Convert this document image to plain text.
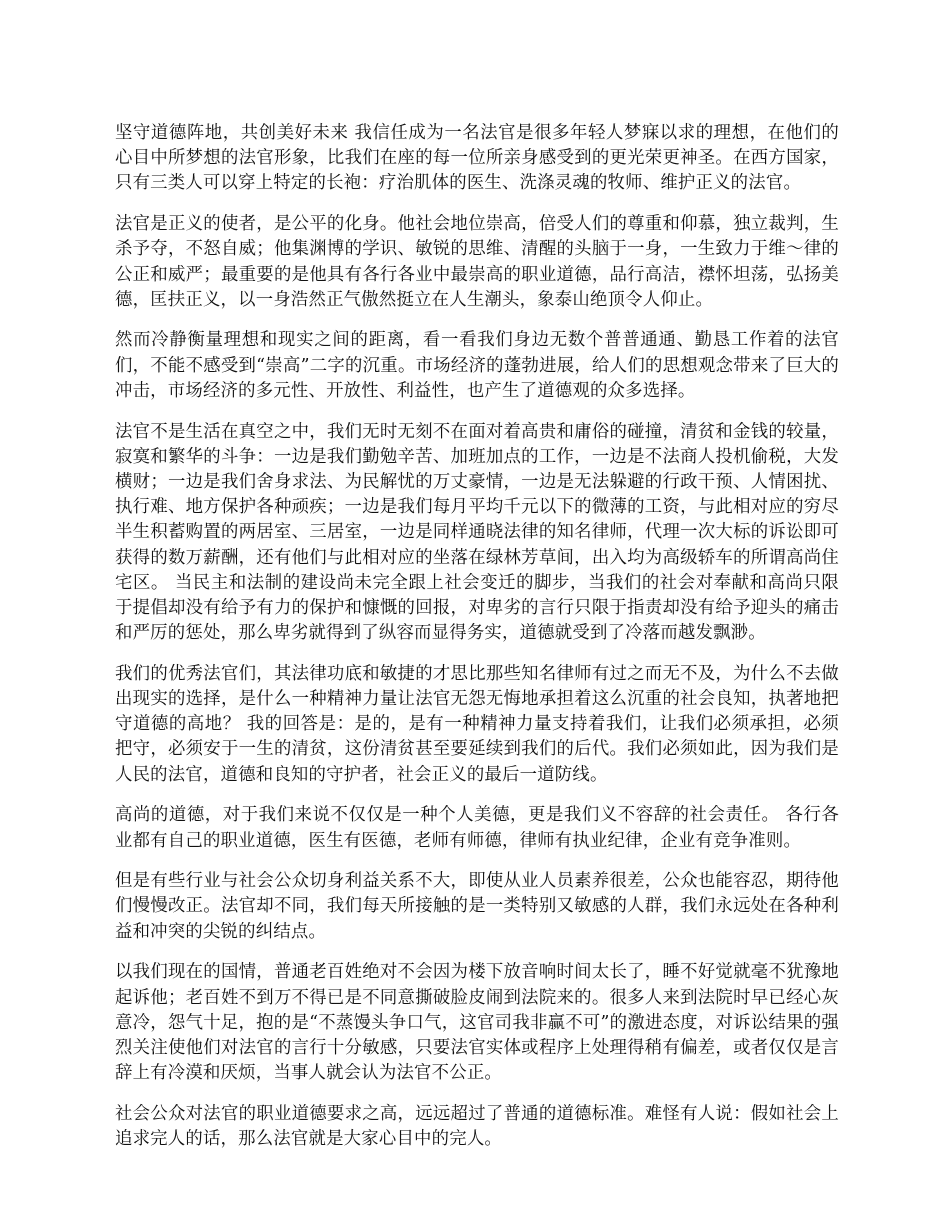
坚守道德阵地，共创美好未来 我信任成为一名法官是很多年轻人梦寐以求的理想，在他们的心目中所梦想的法官形象，比我们在座的每一位所亲身感受到的更光荣更神圣。在西方国家，只有三类人可以穿上特定的长袍：疗治肌体的医生、洗涤灵魂的牧师、维护正义的法官。

法官是正义的使者，是公平的化身。他社会地位崇高，倍受人们的尊重和仰慕，独立裁判，生杀予夺，不怒自威；他集渊博的学识、敏锐的思维、清醒的头脑于一身，一生致力于维～律的公正和威严；最重要的是他具有各行各业中最崇高的职业道德，品行高洁，襟怀坦荡，弘扬美德，匡扶正义，以一身浩然正气傲然挺立在人生潮头，象泰山绝顶令人仰止。

然而冷静衡量理想和现实之间的距离，看一看我们身边无数个普普通通、勤恳工作着的法官们，不能不感受到“崇高”二字的沉重。市场经济的蓬勃进展，给人们的思想观念带来了巨大的冲击，市场经济的多元性、开放性、利益性，也产生了道德观的众多选择。

法官不是生活在真空之中，我们无时无刻不在面对着高贵和庸俗的碰撞，清贫和金钱的较量，寂寞和繁华的斗争：一边是我们勤勉辛苦、加班加点的工作，一边是不法商人投机偷税，大发横财；一边是我们舍身求法、为民解忧的万丈豪情，一边是无法躲避的行政干预、人情困扰、执行难、地方保护各种顽疾；一边是我们每月平均千元以下的微薄的工资，与此相对应的穷尽半生积蓄购置的两居室、三居室，一边是同样通晓法律的知名律师，代理一次大标的诉讼即可获得的数万薪酬，还有他们与此相对应的坐落在绿林芳草间，出入均为高级轿车的所谓高尚住宅区。 当民主和法制的建设尚未完全跟上社会变迁的脚步，当我们的社会对奉献和高尚只限于提倡却没有给予有力的保护和慷慨的回报，对卑劣的言行只限于指责却没有给予迎头的痛击和严厉的惩处，那么卑劣就得到了纵容而显得务实，道德就受到了冷落而越发飘渺。

我们的优秀法官们，其法律功底和敏捷的才思比那些知名律师有过之而无不及，为什么不去做出现实的选择，是什么一种精神力量让法官无怨无悔地承担着这么沉重的社会良知，执著地把守道德的高地？ 我的回答是：是的，是有一种精神力量支持着我们，让我们必须承担，必须把守，必须安于一生的清贫，这份清贫甚至要延续到我们的后代。我们必须如此，因为我们是人民的法官，道德和良知的守护者，社会正义的最后一道防线。

高尚的道德，对于我们来说不仅仅是一种个人美德，更是我们义不容辞的社会责任。 各行各业都有自己的职业道德，医生有医德，老师有师德，律师有执业纪律，企业有竞争准则。

但是有些行业与社会公众切身利益关系不大，即使从业人员素养很差，公众也能容忍，期待他们慢慢改正。法官却不同，我们每天所接触的是一类特别又敏感的人群，我们永远处在各种利益和冲突的尖锐的纠结点。

以我们现在的国情，普通老百姓绝对不会因为楼下放音响时间太长了，睡不好觉就毫不犹豫地起诉他；老百姓不到万不得已是不同意撕破脸皮闹到法院来的。很多人来到法院时早已经心灰意冷，怨气十足，抱的是“不蒸馒头争口气，这官司我非赢不可”的激进态度，对诉讼结果的强烈关注使他们对法官的言行十分敏感，只要法官实体或程序上处理得稍有偏差，或者仅仅是言辞上有冷漠和厌烦，当事人就会认为法官不公正。

社会公众对法官的职业道德要求之高，远远超过了普通的道德标准。难怪有人说：假如社会上追求完人的话，那么法官就是大家心目中的完人。
